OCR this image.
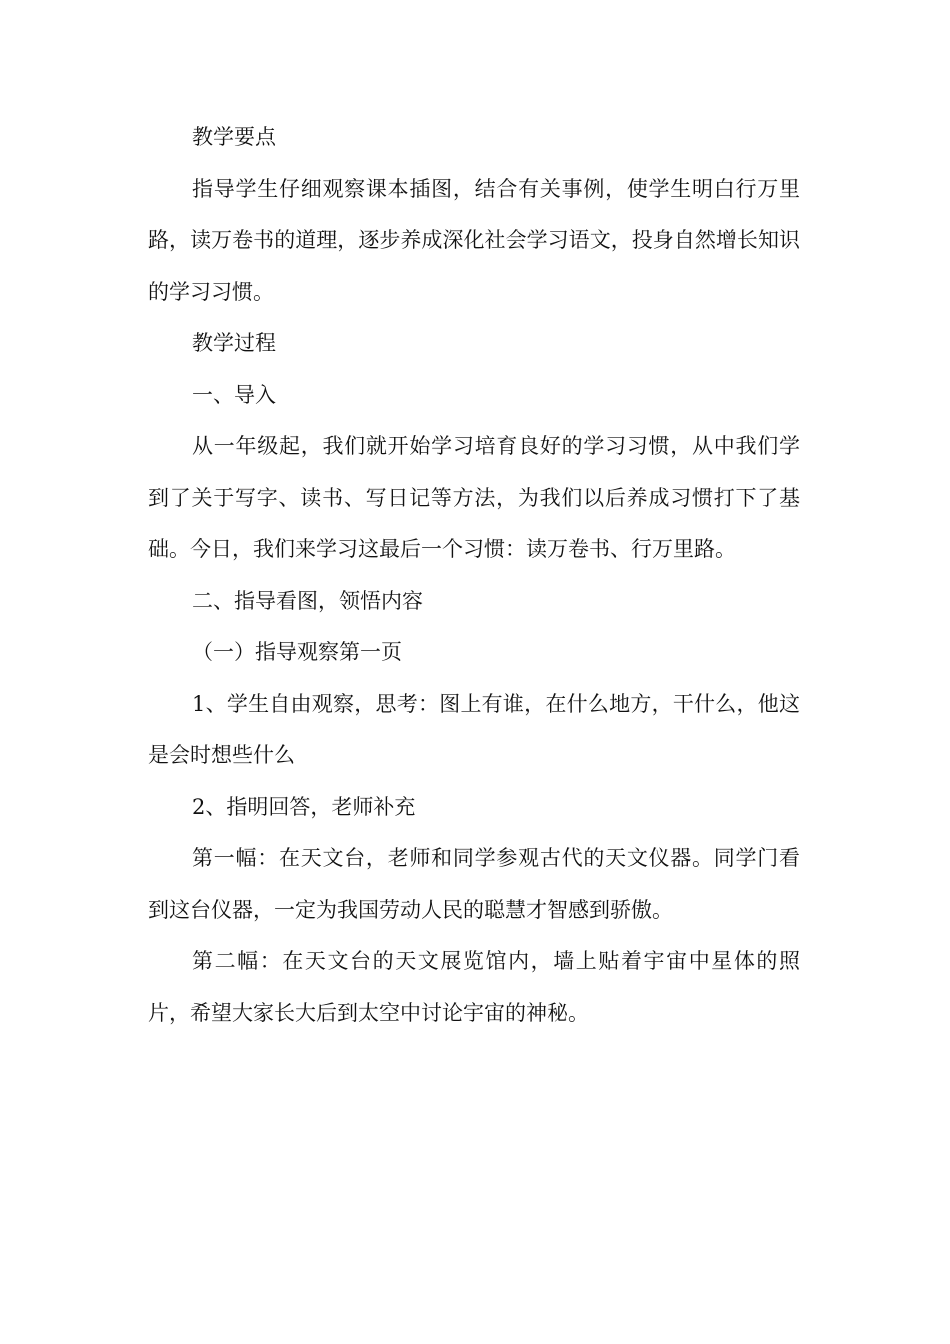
教学要点

指导学生仔细观察课本插图，结合有关事例，使学生明白行万里路，读万卷书的道理，逐步养成深化社会学习语文，投身自然增长知识的学习习惯。

教学过程

一、导入

从一年级起，我们就开始学习培育良好的学习习惯，从中我们学到了关于写字、读书、写日记等方法，为我们以后养成习惯打下了基础。今日，我们来学习这最后一个习惯：读万卷书、行万里路。

二、指导看图，领悟内容

（一）指导观察第一页

1、学生自由观察，思考：图上有谁，在什么地方，干什么，他这是会时想些什么

2、指明回答，老师补充

第一幅：在天文台，老师和同学参观古代的天文仪器。同学门看到这台仪器，一定为我国劳动人民的聪慧才智感到骄傲。

第二幅：在天文台的天文展览馆内，墙上贴着宇宙中星体的照片，希望大家长大后到太空中讨论宇宙的神秘。
